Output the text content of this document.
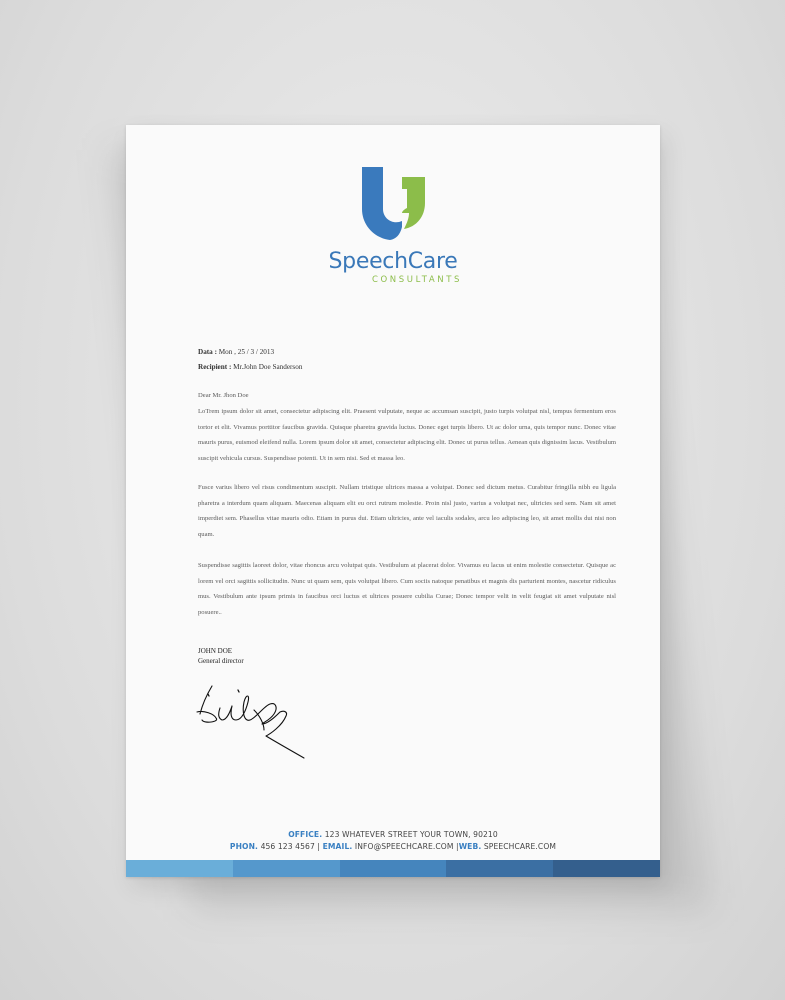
SpeechCare
CONSULTANTS
Data : Mon , 25 / 3 / 2013
Recipient : Mr.John Doe Sanderson
Dear Mr. Jhon Doe
LoTrem ipsum dolor sit amet, consectetur adipiscing elit. Praesent vulputate, neque ac accumsan suscipit, justo turpis volutpat nisl, tempus fermentum eros tortor et elit. Vivamus porttitor faucibus gravida. Quisque pharetra gravida luctus. Donec eget turpis libero. Ut ac dolor urna, quis tempor nunc. Donec vitae mauris purus, euismod eleifend nulla. Lorem ipsum dolor sit amet, consectetur adipiscing elit. Donec ut purus tellus. Aenean quis dignissim lacus. Vestibulum suscipit vehicula cursus. Suspendisse potenti. Ut in sem nisi. Sed et massa leo.
Fusce varius libero vel risus condimentum suscipit. Nullam tristique ultrices massa a volutpat. Donec sed dictum metus. Curabitur fringilla nibh eu ligula pharetra a interdum quam aliquam. Maecenas aliquam elit eu orci rutrum molestie. Proin nisl justo, varius a volutpat nec, ultricies sed sem. Nam sit amet imperdiet sem. Phasellus vitae mauris odio. Etiam in purus dui. Etiam ultricies, ante vel iaculis sodales, arcu leo adipiscing leo, sit amet mollis dui nisi non quam.
Suspendisse sagittis laoreet dolor, vitae rhoncus arcu volutpat quis. Vestibulum at placerat dolor. Vivamus eu lacus ut enim molestie consectetur. Quisque ac lorem vel orci sagittis sollicitudin. Nunc ut quam sem, quis volutpat libero. Cum sociis natoque penatibus et magnis dis parturient montes, nascetur ridiculus mus. Vestibulum ante ipsum primis in faucibus orci luctus et ultrices posuere cubilia Curae; Donec tempor velit in velit feugiat sit amet vulputate nisl posuere..
JOHN DOE
General director
OFFICE. 123 WHATEVER STREET YOUR TOWN, 90210
PHON. 456 123 4567 | EMAIL. INFO@SPEECHCARE.COM |WEB. SPEECHCARE.COM
